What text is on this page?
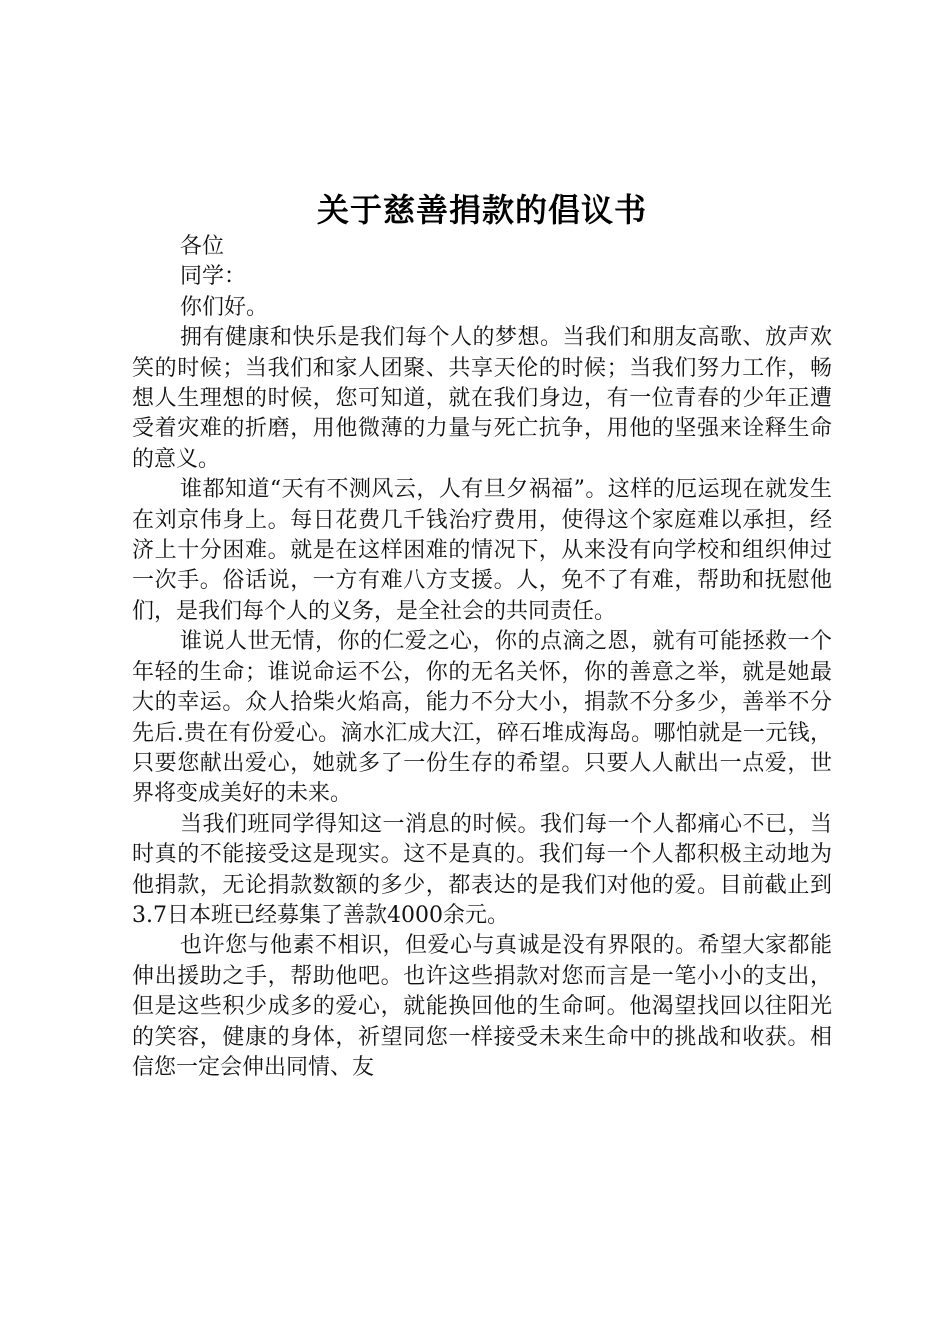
关于慈善捐款的倡议书

各位

同学：

你们好。

拥有健康和快乐是我们每个人的梦想。当我们和朋友高歌、放声欢笑的时候；当我们和家人团聚、共享天伦的时候；当我们努力工作，畅想人生理想的时候，您可知道，就在我们身边，有一位青春的少年正遭受着灾难的折磨，用他微薄的力量与死亡抗争，用他的坚强来诠释生命的意义。

谁都知道“天有不测风云，人有旦夕祸福”。这样的厄运现在就发生在刘京伟身上。每日花费几千钱治疗费用，使得这个家庭难以承担，经济上十分困难。就是在这样困难的情况下，从来没有向学校和组织伸过一次手。俗话说，一方有难八方支援。人，免不了有难，帮助和抚慰他们，是我们每个人的义务，是全社会的共同责任。

谁说人世无情，你的仁爱之心，你的点滴之恩，就有可能拯救一个年轻的生命；谁说命运不公，你的无名关怀，你的善意之举，就是她最大的幸运。众人拾柴火焰高，能力不分大小，捐款不分多少，善举不分先后.贵在有份爱心。滴水汇成大江，碎石堆成海岛。哪怕就是一元钱，只要您献出爱心，她就多了一份生存的希望。只要人人献出一点爱，世界将变成美好的未来。

当我们班同学得知这一消息的时候。我们每一个人都痛心不已，当时真的不能接受这是现实。这不是真的。我们每一个人都积极主动地为他捐款，无论捐款数额的多少，都表达的是我们对他的爱。目前截止到3.7日本班已经募集了善款4000余元。

也许您与他素不相识，但爱心与真诚是没有界限的。希望大家都能伸出援助之手，帮助他吧。也许这些捐款对您而言是一笔小小的支出，但是这些积少成多的爱心，就能换回他的生命呵。他渴望找回以往阳光的笑容，健康的身体，祈望同您一样接受未来生命中的挑战和收获。相信您一定会伸出同情、友
